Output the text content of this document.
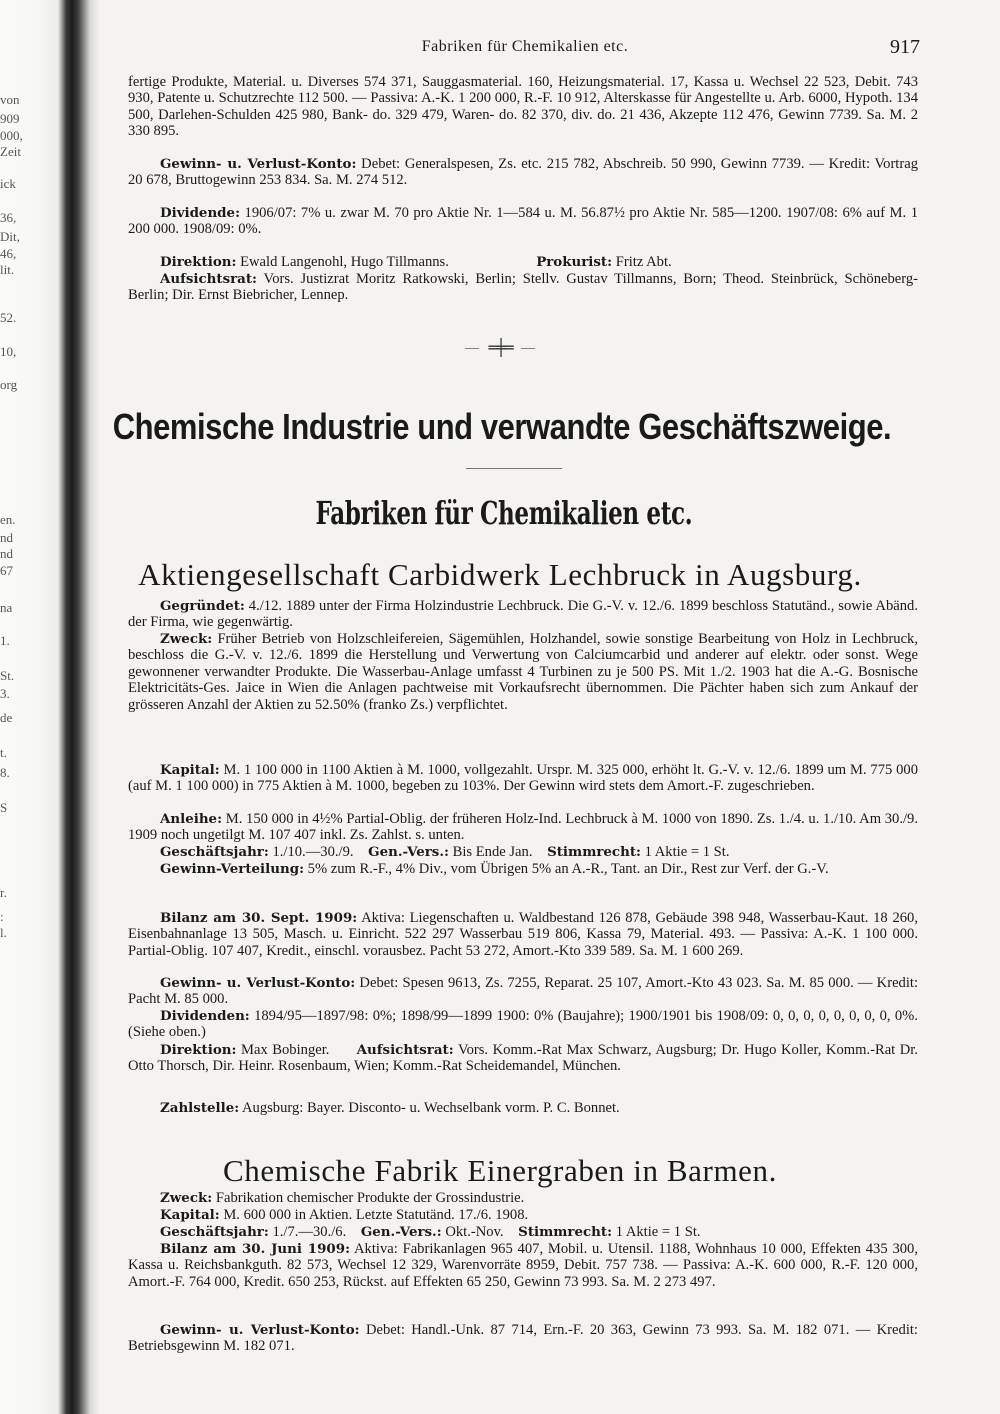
von
909
000,
Zeit
ick
36,
Dit,
46,
lit.
52.
10,
org
en.
nd
nd
67
na
1.
St.
3.
de
t.
8.
S
r.
:
l.
Fabriken für Chemikalien etc.	917
fertige Produkte, Material. u. Diverses 574 371, Sauggasmaterial. 160, Heizungsmaterial. 17, Kassa u. Wechsel 22 523, Debit. 743 930, Patente u. Schutzrechte 112 500. — Passiva: A.-K. 1 200 000, R.-F. 10 912, Alterskasse für Angestellte u. Arb. 6000, Hypoth. 134 500, Darlehen-Schulden 425 980, Bank- do. 329 479, Waren- do. 82 370, div. do. 21 436, Akzepte 112 476, Gewinn 7739. Sa. M. 2 330 895.
Gewinn- u. Verlust-Konto: Debet: Generalspesen, Zs. etc. 215 782, Abschreib. 50 990, Gewinn 7739. — Kredit: Vortrag 20 678, Bruttogewinn 253 834. Sa. M. 274 512.
Dividende: 1906/07: 7% u. zwar M. 70 pro Aktie Nr. 1—584 u. M. 56.87½ pro Aktie Nr. 585—1200. 1907/08: 6% auf M. 1 200 000. 1908/09: 0%.
Direktion: Ewald Langenohl, Hugo Tillmanns.	Prokurist: Fritz Abt.
Aufsichtsrat: Vors. Justizrat Moritz Ratkowski, Berlin; Stellv. Gustav Tillmanns, Born; Theod. Steinbrück, Schöneberg-Berlin; Dir. Ernst Biebricher, Lennep.
═╪═
Chemische Industrie und verwandte Geschäftszweige.
Fabriken für Chemikalien etc.
Aktiengesellschaft Carbidwerk Lechbruck in Augsburg.
Gegründet: 4./12. 1889 unter der Firma Holzindustrie Lechbruck. Die G.-V. v. 12./6. 1899 beschloss Statutänd., sowie Abänd. der Firma, wie gegenwärtig.
Zweck: Früher Betrieb von Holzschleifereien, Sägemühlen, Holzhandel, sowie sonstige Bearbeitung von Holz in Lechbruck, beschloss die G.-V. v. 12./6. 1899 die Herstellung und Verwertung von Calciumcarbid und anderer auf elektr. oder sonst. Wege gewonnener verwandter Produkte. Die Wasserbau-Anlage umfasst 4 Turbinen zu je 500 PS. Mit 1./2. 1903 hat die A.-G. Bosnische Elektricitäts-Ges. Jaice in Wien die Anlagen pachtweise mit Vorkaufsrecht übernommen. Die Pächter haben sich zum Ankauf der grösseren Anzahl der Aktien zu 52.50% (franko Zs.) verpflichtet.
Kapital: M. 1 100 000 in 1100 Aktien à M. 1000, vollgezahlt. Urspr. M. 325 000, erhöht lt. G.-V. v. 12./6. 1899 um M. 775 000 (auf M. 1 100 000) in 775 Aktien à M. 1000, begeben zu 103%. Der Gewinn wird stets dem Amort.-F. zugeschrieben.
Anleihe: M. 150 000 in 4½% Partial-Oblig. der früheren Holz-Ind. Lechbruck à M. 1000 von 1890. Zs. 1./4. u. 1./10. Am 30./9. 1909 noch ungetilgt M. 107 407 inkl. Zs. Zahlst. s. unten.
Geschäftsjahr: 1./10.—30./9. Gen.-Vers.: Bis Ende Jan. Stimmrecht: 1 Aktie = 1 St.
Gewinn-Verteilung: 5% zum R.-F., 4% Div., vom Übrigen 5% an A.-R., Tant. an Dir., Rest zur Verf. der G.-V.
Bilanz am 30. Sept. 1909: Aktiva: Liegenschaften u. Waldbestand 126 878, Gebäude 398 948, Wasserbau-Kaut. 18 260, Eisenbahnanlage 13 505, Masch. u. Einricht. 522 297 Wasserbau 519 806, Kassa 79, Material. 493. — Passiva: A.-K. 1 100 000. Partial-Oblig. 107 407, Kredit., einschl. vorausbez. Pacht 53 272, Amort.-Kto 339 589. Sa. M. 1 600 269.
Gewinn- u. Verlust-Konto: Debet: Spesen 9613, Zs. 7255, Reparat. 25 107, Amort.-Kto 43 023. Sa. M. 85 000. — Kredit: Pacht M. 85 000.
Dividenden: 1894/95—1897/98: 0%; 1898/99—1899 1900: 0% (Baujahre); 1900/1901 bis 1908/09: 0, 0, 0, 0, 0, 0, 0, 0, 0%. (Siehe oben.)
Direktion: Max Bobinger. Aufsichtsrat: Vors. Komm.-Rat Max Schwarz, Augsburg; Dr. Hugo Koller, Komm.-Rat Dr. Otto Thorsch, Dir. Heinr. Rosenbaum, Wien; Komm.-Rat Scheidemandel, München.
Zahlstelle: Augsburg: Bayer. Disconto- u. Wechselbank vorm. P. C. Bonnet.
Chemische Fabrik Einergraben in Barmen.
Zweck: Fabrikation chemischer Produkte der Grossindustrie.
Kapital: M. 600 000 in Aktien. Letzte Statutänd. 17./6. 1908.
Geschäftsjahr: 1./7.—30./6. Gen.-Vers.: Okt.-Nov. Stimmrecht: 1 Aktie = 1 St.
Bilanz am 30. Juni 1909: Aktiva: Fabrikanlagen 965 407, Mobil. u. Utensil. 1188, Wohnhaus 10 000, Effekten 435 300, Kassa u. Reichsbankguth. 82 573, Wechsel 12 329, Warenvorräte 8959, Debit. 757 738. — Passiva: A.-K. 600 000, R.-F. 120 000, Amort.-F. 764 000, Kredit. 650 253, Rückst. auf Effekten 65 250, Gewinn 73 993. Sa. M. 2 273 497.
Gewinn- u. Verlust-Konto: Debet: Handl.-Unk. 87 714, Ern.-F. 20 363, Gewinn 73 993. Sa. M. 182 071. — Kredit: Betriebsgewinn M. 182 071.
